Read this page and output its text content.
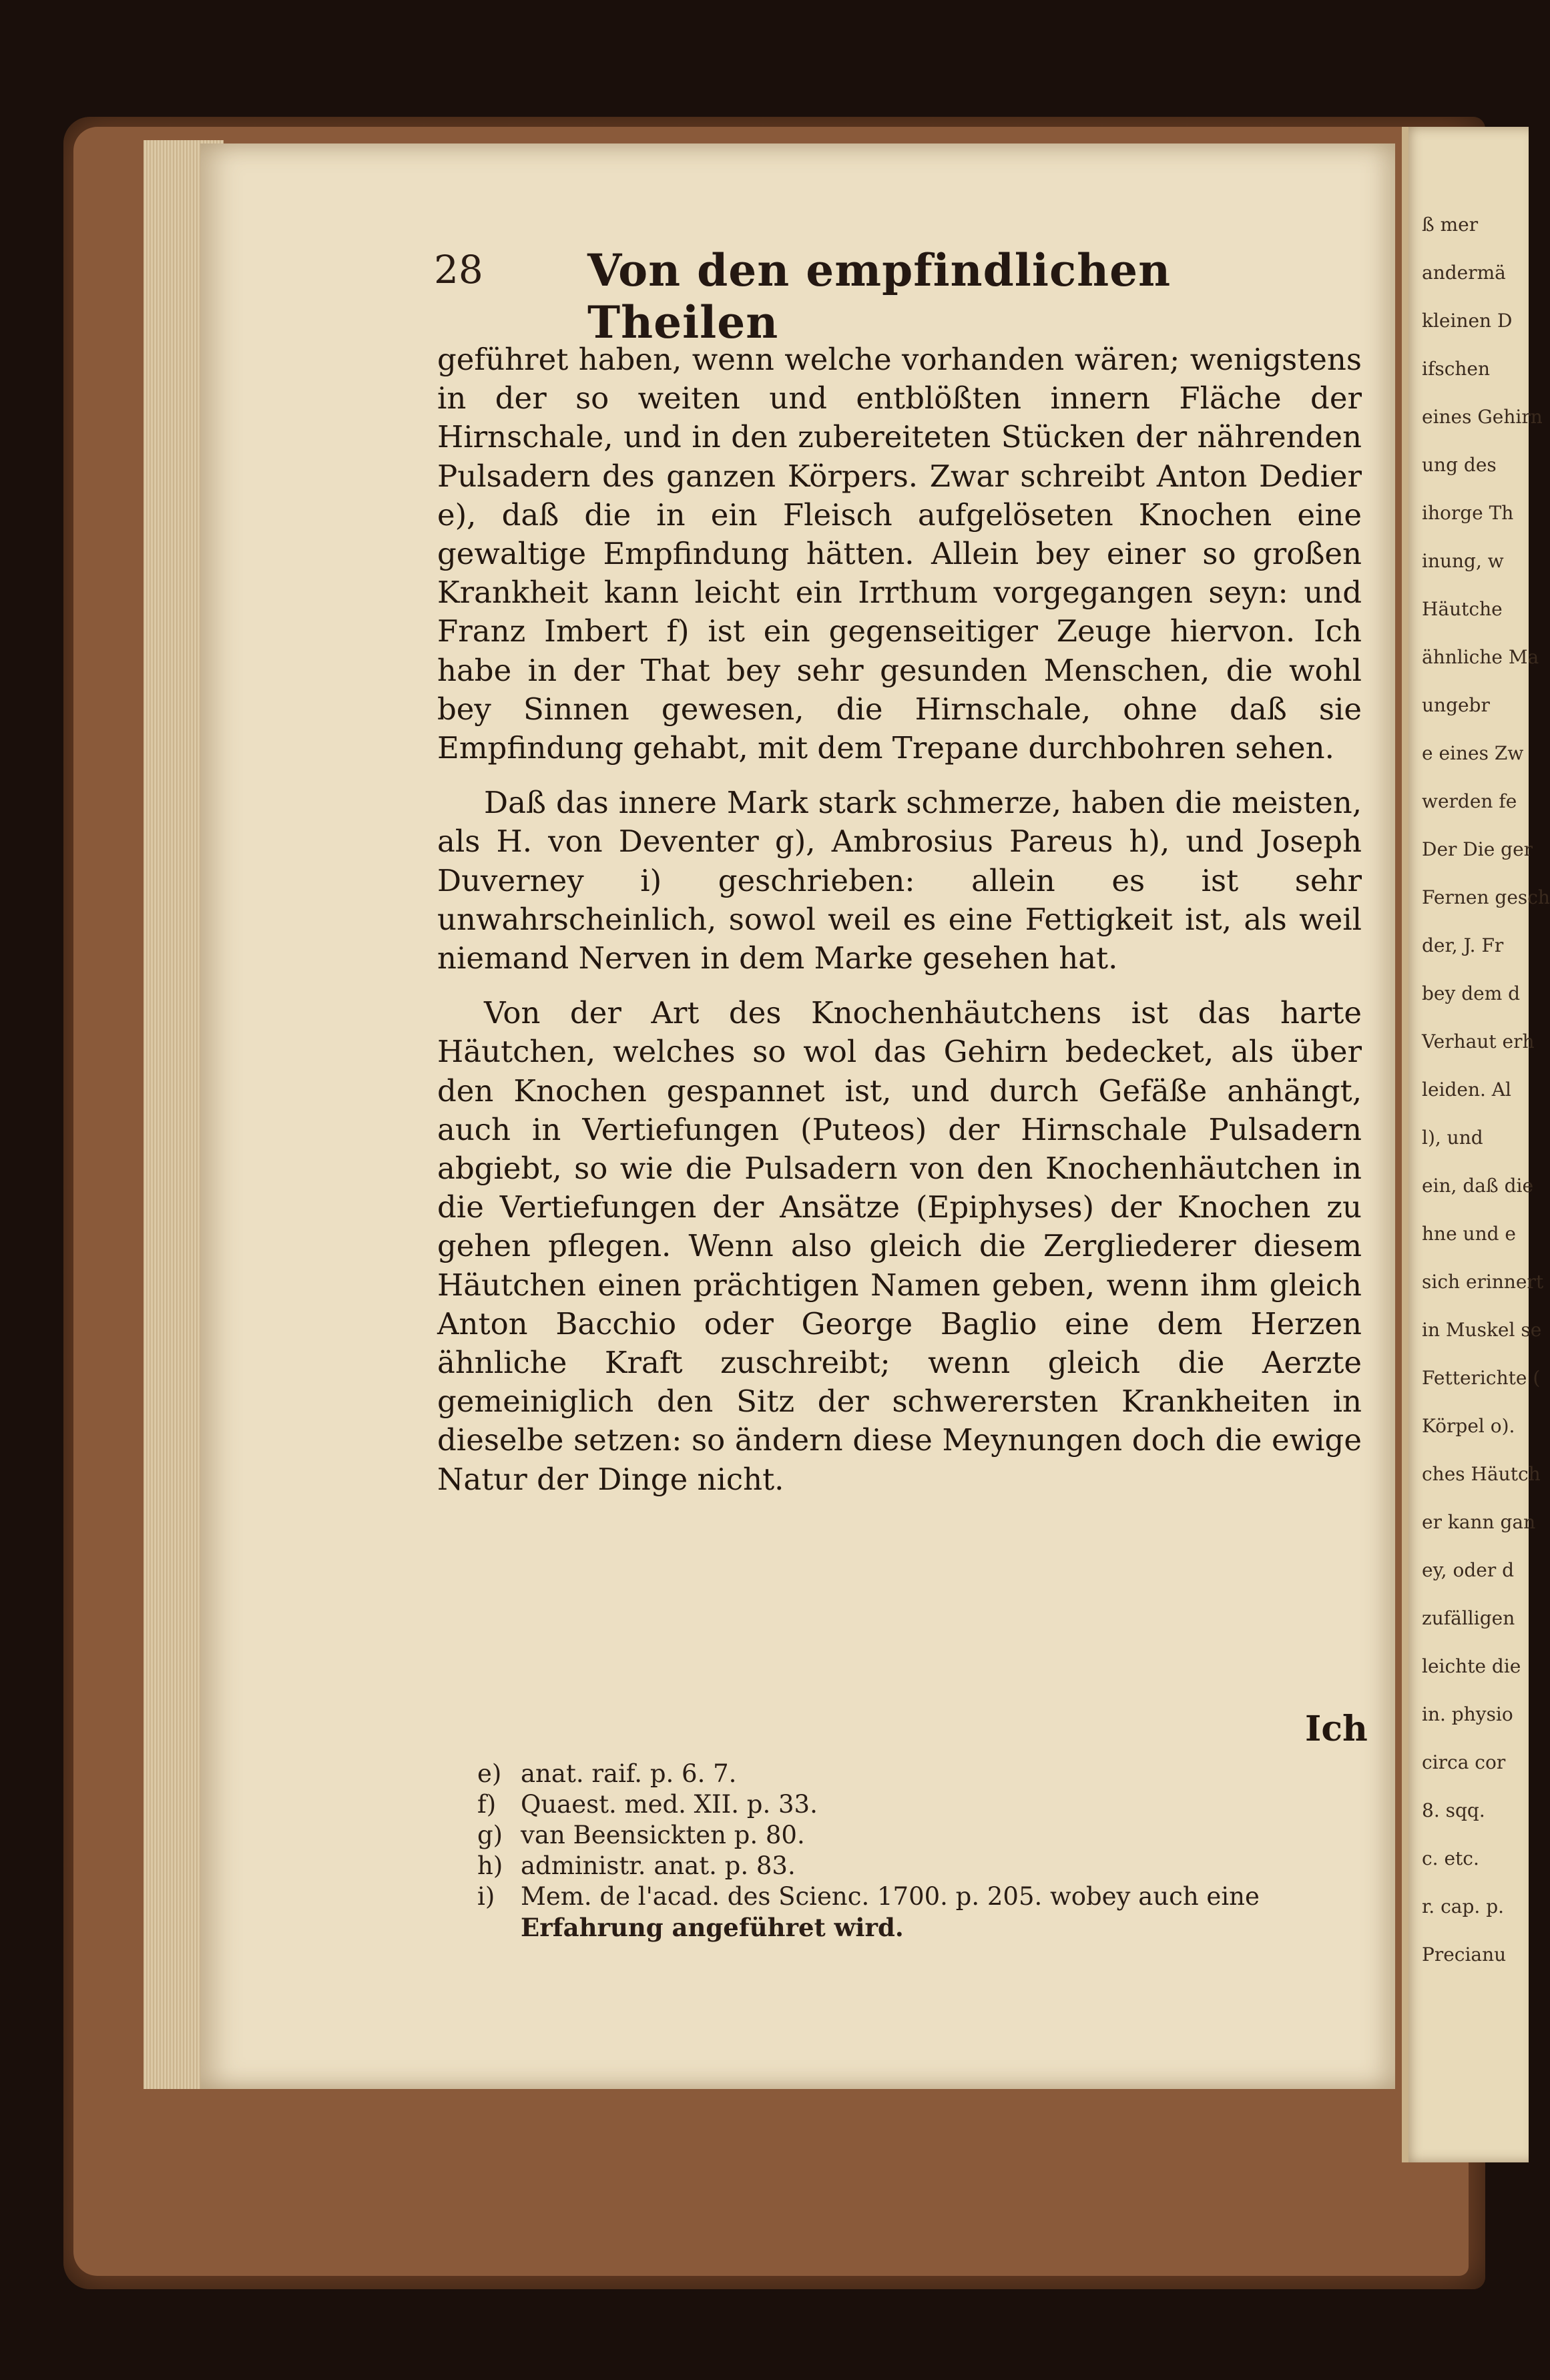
ß mer
andermä
kleinen D
ifschen
eines Gehirn
ung des
ihorge Th
inung, w
Häutche
ähnliche Ma
ungebr
e eines Zw
werden fe
Der Die ger
Fernen gesch
der, J. Fr
bey dem d
Verhaut erh
leiden. Al
l), und
ein, daß die
hne und e
sich erinnert
in Muskel se
Fetterichte (
Körpel o).
ches Häutch
er kann gan
ey, oder d
zufälligen
leichte die
in. physio
circa cor
8. sqq.
c. etc.
r. cap. p.
Precianu
28 Von den empfindlichen Theilen

geführet haben, wenn welche vorhanden wären; wenigstens in der so weiten und entblößten innern Fläche der Hirnschale, und in den zubereiteten Stücken der nährenden Pulsadern des ganzen Körpers. Zwar schreibt Anton Dedier e), daß die in ein Fleisch aufgelöseten Knochen eine gewaltige Empfindung hätten. Allein bey einer so großen Krankheit kann leicht ein Irrthum vorgegangen seyn: und Franz Imbert f) ist ein gegenseitiger Zeuge hiervon. Ich habe in der That bey sehr gesunden Menschen, die wohl bey Sinnen gewesen, die Hirnschale, ohne daß sie Empfindung gehabt, mit dem Trepane durchbohren sehen.

Daß das innere Mark stark schmerze, haben die meisten, als H. von Deventer g), Ambrosius Pareus h), und Joseph Duverney i) geschrieben: allein es ist sehr unwahrscheinlich, sowol weil es eine Fettigkeit ist, als weil niemand Nerven in dem Marke gesehen hat.

Von der Art des Knochenhäutchens ist das harte Häutchen, welches so wol das Gehirn bedecket, als über den Knochen gespannet ist, und durch Gefäße anhängt, auch in Vertiefungen (Puteos) der Hirnschale Pulsadern abgiebt, so wie die Pulsadern von den Knochenhäutchen in die Vertiefungen der Ansätze (Epiphyses) der Knochen zu gehen pflegen. Wenn also gleich die Zergliederer diesem Häutchen einen prächtigen Namen geben, wenn ihm gleich Anton Bacchio oder George Baglio eine dem Herzen ähnliche Kraft zuschreibt; wenn gleich die Aerzte gemeiniglich den Sitz der schwerersten Krankheiten in dieselbe setzen: so ändern diese Meynungen doch die ewige Natur der Dinge nicht.

Ich
e) anat. raif. p. 6. 7.
f) Quaest. med. XII. p. 33.
g) van Beensickten p. 80.
h) administr. anat. p. 83.
i)	Mem. de l'acad. des Scienc. 1700. p. 205. wobey auch eine
Erfahrung angeführet wird.
